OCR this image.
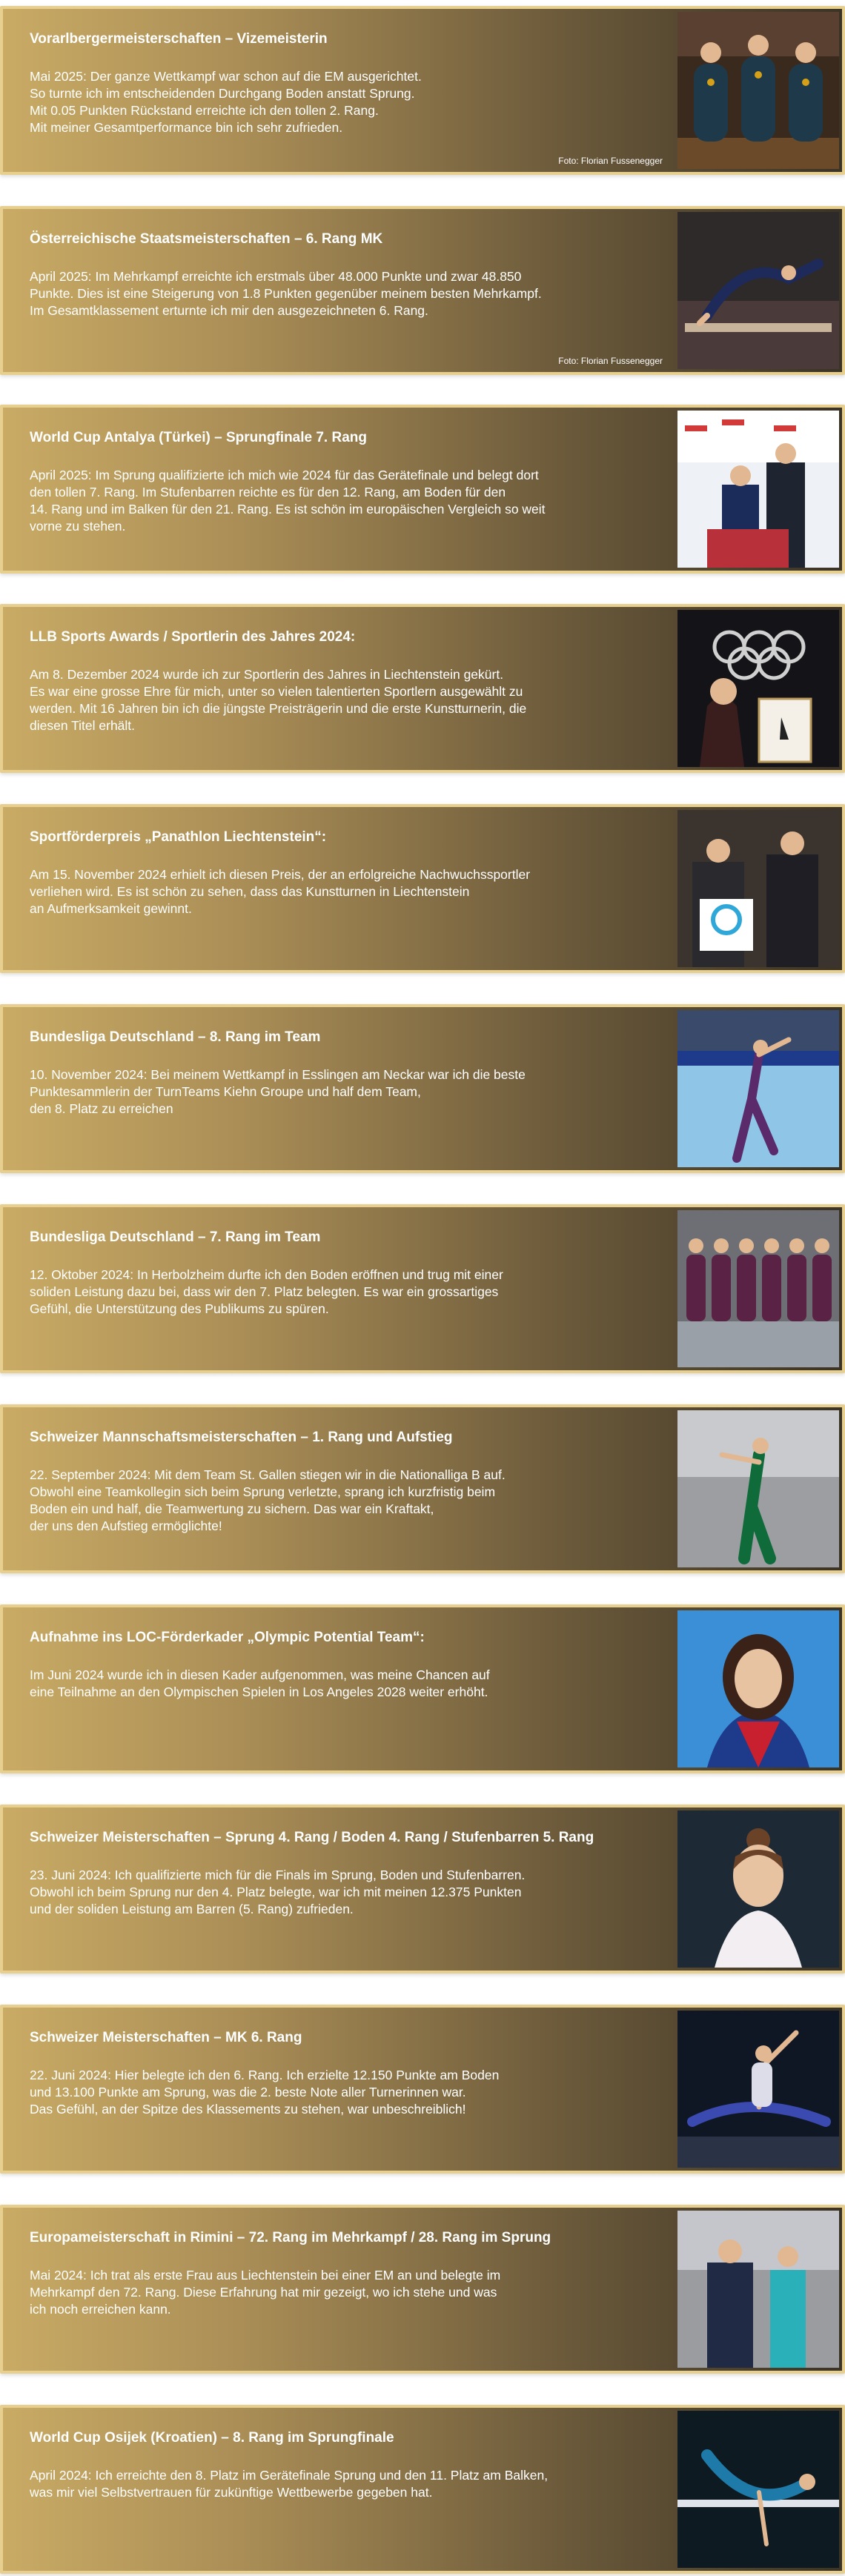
Vorarlbergermeisterschaften – Vizemeisterin
Mai 2025: Der ganze Wettkampf war schon auf die EM ausgerichtet.
So turnte ich im entscheidenden Durchgang Boden anstatt Sprung.
Mit 0.05 Punkten Rückstand erreichte ich den tollen 2. Rang.
Mit meiner Gesamtperformance bin ich sehr zufrieden.
Foto: Florian Fussenegger
Österreichische Staatsmeisterschaften – 6. Rang MK
April 2025: Im Mehrkampf erreichte ich erstmals über 48.000 Punkte und zwar 48.850
Punkte. Dies ist eine Steigerung von 1.8 Punkten gegenüber meinem besten Mehrkampf.
Im Gesamtklassement erturnte ich mir den ausgezeichneten 6. Rang.
Foto: Florian Fussenegger
World Cup Antalya (Türkei) – Sprungfinale 7. Rang
April 2025: Im Sprung qualifizierte ich mich wie 2024 für das Gerätefinale und belegt dort
den tollen 7. Rang. Im Stufenbarren reichte es für den 12. Rang, am Boden für den
14. Rang und im Balken für den 21. Rang. Es ist schön im europäischen Vergleich so weit
vorne zu stehen.
LLB Sports Awards / Sportlerin des Jahres 2024:
Am 8. Dezember 2024 wurde ich zur Sportlerin des Jahres in Liechtenstein gekürt.
Es war eine grosse Ehre für mich, unter so vielen talentierten Sportlern ausgewählt zu
werden. Mit 16 Jahren bin ich die jüngste Preisträgerin und die erste Kunstturnerin, die
diesen Titel erhält.
Sportförderpreis „Panathlon Liechtenstein“:
Am 15. November 2024 erhielt ich diesen Preis, der an erfolgreiche Nachwuchssportler
verliehen wird. Es ist schön zu sehen, dass das Kunstturnen in Liechtenstein
an Aufmerksamkeit gewinnt.
Bundesliga Deutschland – 8. Rang im Team
10. November 2024: Bei meinem Wettkampf in Esslingen am Neckar war ich die beste
Punktesammlerin der TurnTeams Kiehn Groupe und half dem Team,
den 8. Platz zu erreichen
Bundesliga Deutschland – 7. Rang im Team
12. Oktober 2024: In Herbolzheim durfte ich den Boden eröffnen und trug mit einer
soliden Leistung dazu bei, dass wir den 7. Platz belegten. Es war ein grossartiges
Gefühl, die Unterstützung des Publikums zu spüren.
Schweizer Mannschaftsmeisterschaften – 1. Rang und Aufstieg
22. September 2024: Mit dem Team St. Gallen stiegen wir in die Nationalliga B auf.
Obwohl eine Teamkollegin sich beim Sprung verletzte, sprang ich kurzfristig beim
Boden ein und half, die Teamwertung zu sichern. Das war ein Kraftakt,
der uns den Aufstieg ermöglichte!
Aufnahme ins LOC-Förderkader „Olympic Potential Team“:
Im Juni 2024 wurde ich in diesen Kader aufgenommen, was meine Chancen auf
eine Teilnahme an den Olympischen Spielen in Los Angeles 2028 weiter erhöht.
Schweizer Meisterschaften – Sprung 4. Rang / Boden 4. Rang / Stufenbarren 5. Rang
23. Juni 2024: Ich qualifizierte mich für die Finals im Sprung, Boden und Stufenbarren.
Obwohl ich beim Sprung nur den 4. Platz belegte, war ich mit meinen 12.375 Punkten
und der soliden Leistung am Barren (5. Rang) zufrieden.
Schweizer Meisterschaften – MK 6. Rang
22. Juni 2024: Hier belegte ich den 6. Rang. Ich erzielte 12.150 Punkte am Boden
und 13.100 Punkte am Sprung, was die 2. beste Note aller Turnerinnen war.
Das Gefühl, an der Spitze des Klassements zu stehen, war unbeschreiblich!
Europameisterschaft in Rimini – 72. Rang im Mehrkampf / 28. Rang im Sprung
Mai 2024: Ich trat als erste Frau aus Liechtenstein bei einer EM an und belegte im
Mehrkampf den 72. Rang. Diese Erfahrung hat mir gezeigt, wo ich stehe und was
ich noch erreichen kann.
World Cup Osijek (Kroatien) – 8. Rang im Sprungfinale
April 2024: Ich erreichte den 8. Platz im Gerätefinale Sprung und den 11. Platz am Balken,
was mir viel Selbstvertrauen für zukünftige Wettbewerbe gegeben hat.
